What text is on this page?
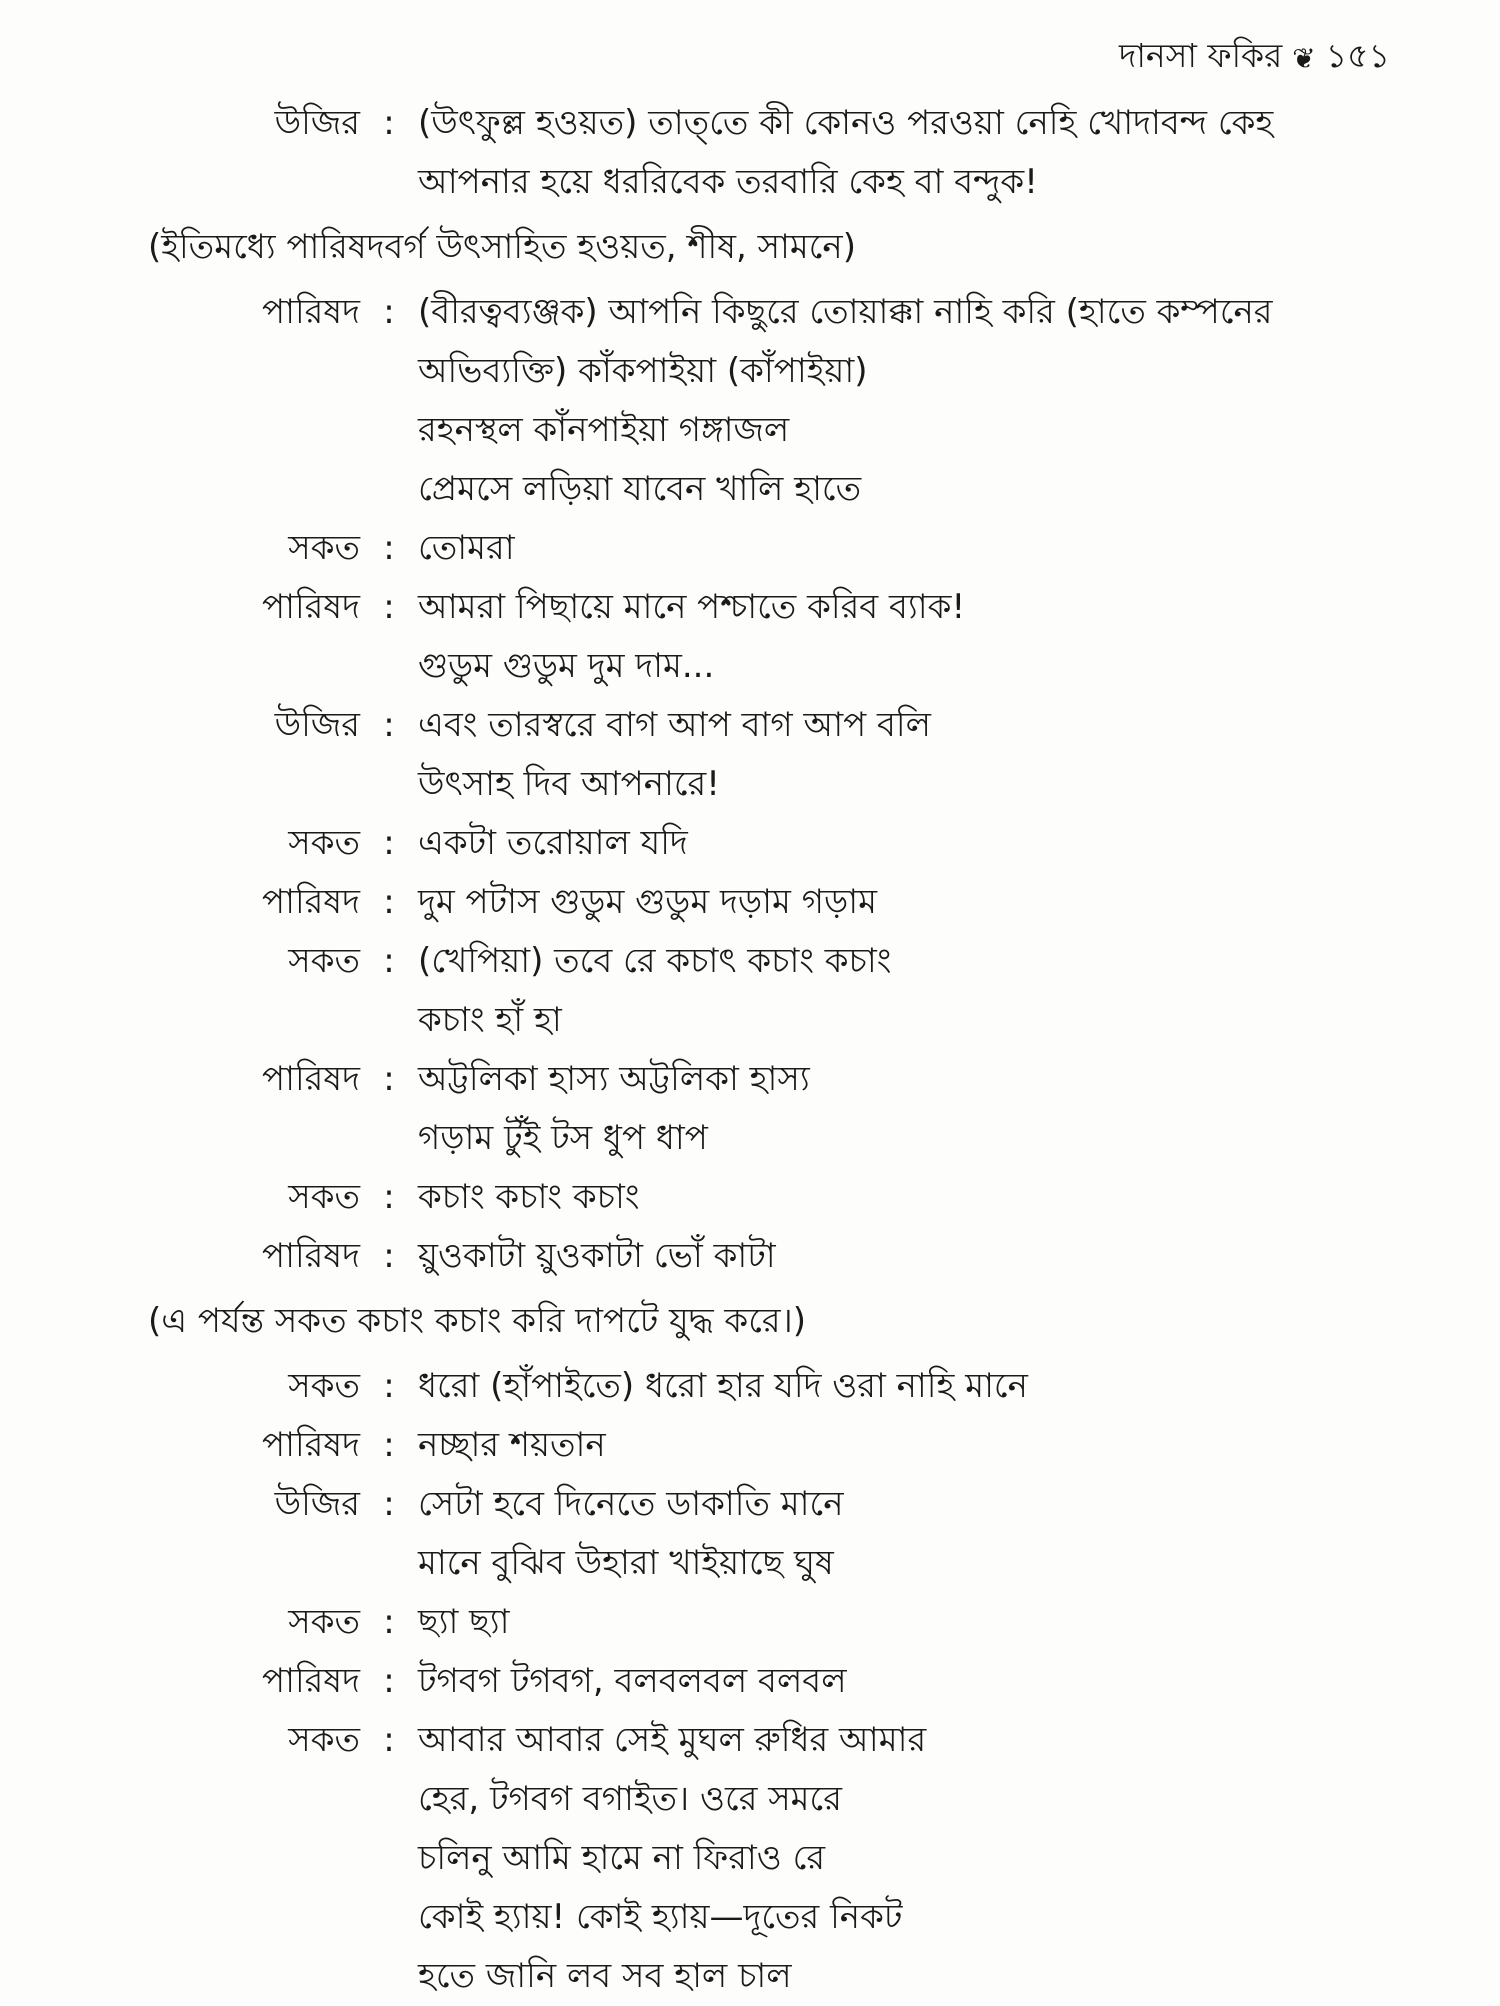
দানসা ফকির ❦ ১৫১
উজির : (উৎফুল্ল হওয়ত) তাত্‌তে কী কোনও পরওয়া নেহি খোদাবন্দ কেহ
আপনার হয়ে ধররিবেক তরবারি কেহ বা বন্দুক!
(ইতিমধ্যে পারিষদবর্গ উৎসাহিত হওয়ত, শীষ, সামনে)
পারিষদ : (বীরত্বব্যঞ্জক) আপনি কিছুরে তোয়াক্কা নাহি করি (হাতে কম্পনের
অভিব্যক্তি) কাঁকপাইয়া (কাঁপাইয়া)
রহনস্থল কাঁনপাইয়া গঙ্গাজল
প্রেমসে লড়িয়া যাবেন খালি হাতে
সকত : তোমরা
পারিষদ : আমরা পিছায়ে মানে পশ্চাতে করিব ব্যাক!
গুডুম গুডুম দুম দাম...
উজির : এবং তারস্বরে বাগ আপ বাগ আপ বলি
উৎসাহ দিব আপনারে!
সকত : একটা তরোয়াল যদি
পারিষদ : দুম পটাস গুডুম গুডুম দড়াম গড়াম
সকত : (খেপিয়া) তবে রে কচাৎ কচাং কচাং
কচাং হাঁ হা
পারিষদ : অট্টলিকা হাস্য অট্টলিকা হাস্য
গড়াম টুঁই টস ধুপ ধাপ
সকত : কচাং কচাং কচাং
পারিষদ : য়ুওকাটা য়ুওকাটা ভোঁ কাটা
(এ পর্যন্ত সকত কচাং কচাং করি দাপটে যুদ্ধ করে।)
সকত : ধরো (হাঁপাইতে) ধরো হার যদি ওরা নাহি মানে
পারিষদ : নচ্ছার শয়তান
উজির : সেটা হবে দিনেতে ডাকাতি মানে
মানে বুঝিব উহারা খাইয়াছে ঘুষ
সকত : ছ্যা ছ্যা
পারিষদ : টগবগ টগবগ, বলবলবল বলবল
সকত : আবার আবার সেই মুঘল রুধির আমার
হের, টগবগ বগাইত। ওরে সমরে
চলিনু আমি হামে না ফিরাও রে
কোই হ্যায়! কোই হ্যায়—দূতের নিকট
হতে জানি লব সব হাল চাল
